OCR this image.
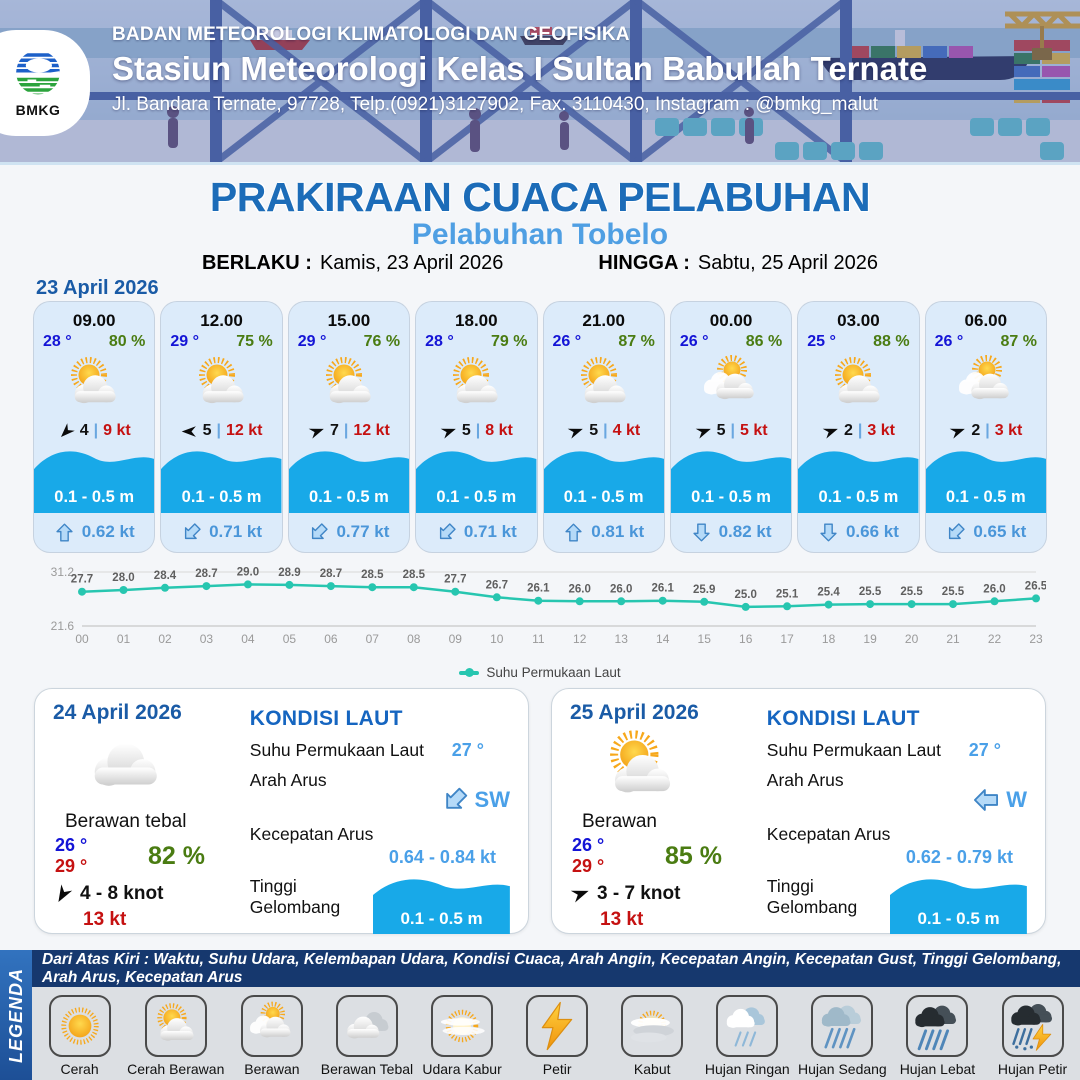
BMKG
BADAN METEOROLOGI KLIMATOLOGI DAN GEOFISIKA
Stasiun Meteorologi Kelas I Sultan Babullah Ternate
Jl. Bandara Ternate, 97728, Telp.(0921)3127902, Fax. 3110430, Instagram : @bmkg_malut
PRAKIRAAN CUACA PELABUHAN
Pelabuhan Tobelo
BERLAKU : Kamis, 23 April 2026	HINGGA : Sabtu, 25 April 2026
23 April 2026
09.00
28 ° 80 %
4 | 9 kt
0.1 - 0.5 m
0.62 kt
12.00
29 ° 75 %
5 | 12 kt
0.1 - 0.5 m
0.71 kt
15.00
29 ° 76 %
7 | 12 kt
0.1 - 0.5 m
0.77 kt
18.00
28 ° 79 %
5 | 8 kt
0.1 - 0.5 m
0.71 kt
21.00
26 ° 87 %
5 | 4 kt
0.1 - 0.5 m
0.81 kt
00.00
26 ° 86 %
5 | 5 kt
0.1 - 0.5 m
0.82 kt
03.00
25 ° 88 %
2 | 3 kt
0.1 - 0.5 m
0.66 kt
06.00
26 ° 87 %
2 | 3 kt
0.1 - 0.5 m
0.65 kt
31.2
21.6
27.7 28.0 28.4 28.7 29.0 28.9 28.7 28.5 28.5 27.7 26.7 26.1 26.0 26.0 26.1 25.9 25.0 25.1 25.4 25.5 25.5 25.5 26.0 26.5
00 01 02 03 04 05 06 07 08 09 10 11 12 13 14 15 16 17 18 19 20 21 22 23
Suhu Permukaan Laut
24 April 2026
Berawan tebal
26 °
29 °	82 %
4 - 8 knot
13 kt
KONDISI LAUT
Suhu Permukaan Laut 27 °
Arah Arus
SW
Kecepatan Arus
0.64 - 0.84 kt
Tinggi Gelombang
0.1 - 0.5 m
25 April 2026
Berawan
26 °
29 °	85 %
3 - 7 knot
13 kt
KONDISI LAUT
Suhu Permukaan Laut 27 °
Arah Arus
W
Kecepatan Arus
0.62 - 0.79 kt
Tinggi Gelombang
0.1 - 0.5 m
LEGENDA
Dari Atas Kiri : Waktu, Suhu Udara, Kelembapan Udara, Kondisi Cuaca, Arah Angin, Kecepatan Angin, Kecepatan Gust, Tinggi Gelombang, Arah Arus, Kecepatan Arus
Cerah Cerah Berawan Berawan Berawan Tebal Udara Kabur	Petir	Kabut Hujan Ringan Hujan Sedang Hujan Lebat Hujan Petir
